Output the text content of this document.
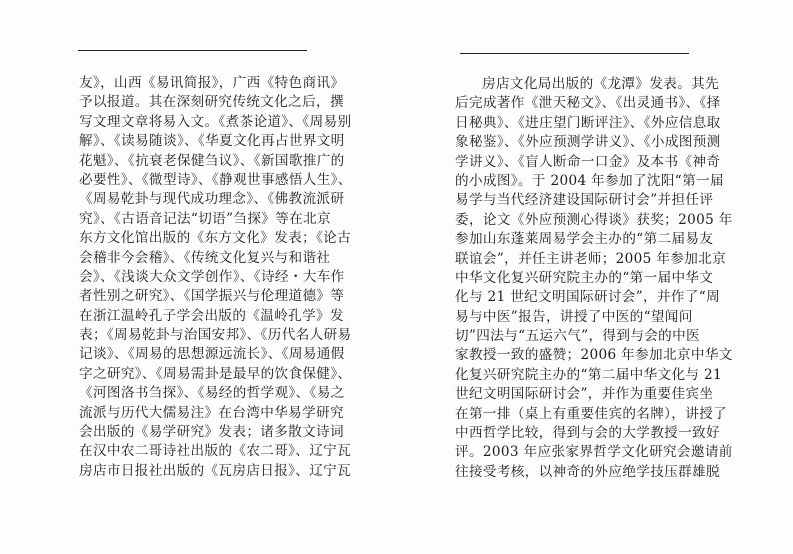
友》，山西《易讯简报》，广西《特色商讯》
予以报道。其在深刻研究传统文化之后，撰
写文理文章将易入文。《煮茶论道》、《周易别
解》、《读易随谈》、《华夏文化再占世界文明
花魁》、《抗衰老保健刍议》、《新国歌推广的
必要性》、《微型诗》、《静观世事感悟人生》、
《周易乾卦与现代成功理念》、《佛教流派研
究》、《古语音记法“切语”刍探》等在北京
东方文化馆出版的《东方文化》发表；《论古
会稽非今会稽》、《传统文化复兴与和谐社
会》、《浅谈大众文学创作》、《诗经・大车作
者性别之研究》、《国学振兴与伦理道德》等
在浙江温岭孔子学会出版的《温岭孔学》发
表；《周易乾卦与治国安邦》、《历代名人研易
记谈》、《周易的思想源远流长》、《周易通假
字之研究》、《周易需卦是最早的饮食保健》、
《河图洛书刍探》、《易经的哲学观》、《易之
流派与历代大儒易注》在台湾中华易学研究
会出版的《易学研究》发表；诸多散文诗词
在汉中农二哥诗社出版的《农二哥》、辽宁瓦
房店市日报社出版的《瓦房店日报》、辽宁瓦
房店文化局出版的《龙潭》发表。其先
后完成著作《泄天秘文》、《出灵通书》、《择
日秘典》、《进庄望门断评注》、《外应信息取
象秘鉴》、《外应预测学讲义》、《小成图预测
学讲义》、《盲人断命一口金》及本书《神奇
的小成图》。于 2004 年参加了沈阳“第一届
易学与当代经济建设国际研讨会”并担任评
委，论文《外应预测心得谈》获奖；2005 年
参加山东蓬莱周易学会主办的“第二届易友
联谊会”，并任主讲老师；2005 年参加北京
中华文化复兴研究院主办的“第一届中华文
化与 21 世纪文明国际研讨会”，并作了“周
易与中医”报告，讲授了中医的“望闻问
切”四法与“五运六气”，得到与会的中医
家教授一致的盛赞；2006 年参加北京中华文
化复兴研究院主办的“第二届中华文化与 21
世纪文明国际研讨会”，并作为重要佳宾坐
在第一排（桌上有重要佳宾的名牌），讲授了
中西哲学比较，得到与会的大学教授一致好
评。2003 年应张家界哲学文化研究会邀请前
往接受考核，以神奇的外应绝学技压群雄脱
